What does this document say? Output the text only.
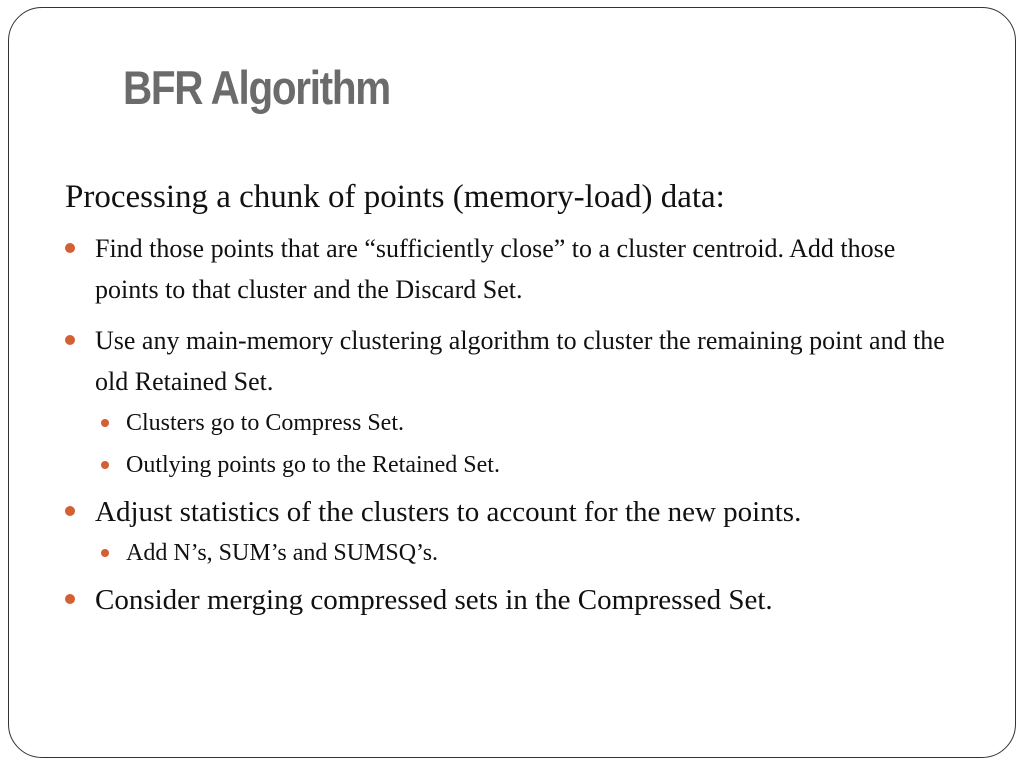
BFR Algorithm
Processing a chunk of points (memory-load) data:
Find those points that are “sufficiently close” to a cluster centroid. Add those points to that cluster and the Discard Set.
Use any main-memory clustering algorithm to cluster the remaining point and the old Retained Set.
Clusters go to Compress Set.
Outlying points go to the Retained Set.
Adjust statistics of the clusters to account for the new points.
Add N’s, SUM’s and SUMSQ’s.
Consider merging compressed sets in the Compressed Set.
